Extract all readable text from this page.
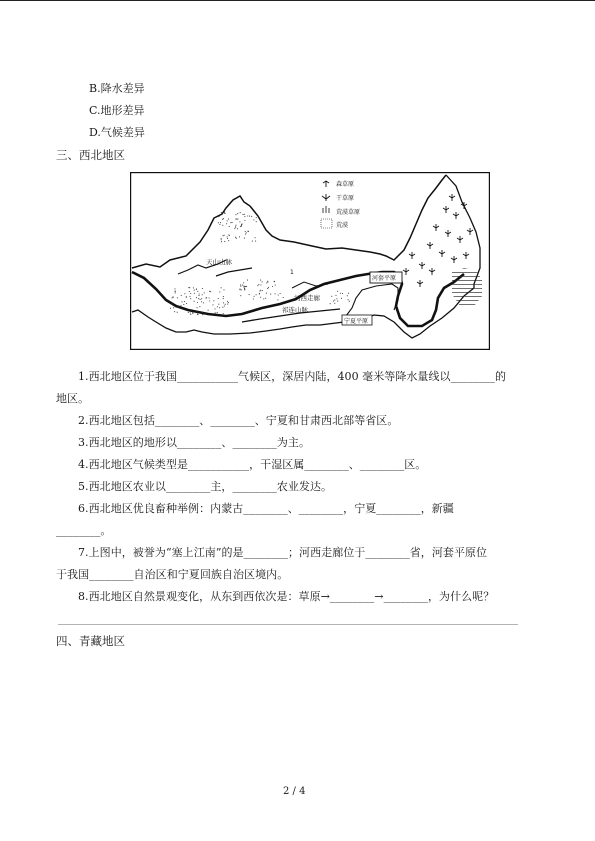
B.降水差异
C.地形差异
D.气候差异
三、西北地区
森草原
干草原
荒漠草原
荒漠
天山山脉
河西走廊
祁连山脉
宁夏平原
河套平原
1
1.西北地区位于我国___________气候区，深居内陆，400 毫米等降水量线以________的
地区。
2.西北地区包括________、________、宁夏和甘肃西北部等省区。
3.西北地区的地形以________、________为主。
4.西北地区气候类型是___________，干湿区属________、________区。
5.西北地区农业以________主，________农业发达。
6.西北地区优良畜种举例：内蒙古________、________，宁夏________，新疆
________。
7.上图中，被誉为“塞上江南”的是________；河西走廊位于________省，河套平原位
于我国________自治区和宁夏回族自治区境内。
8.西北地区自然景观变化，从东到西依次是：草原→________→________，为什么呢？
四、青藏地区
2 / 4
